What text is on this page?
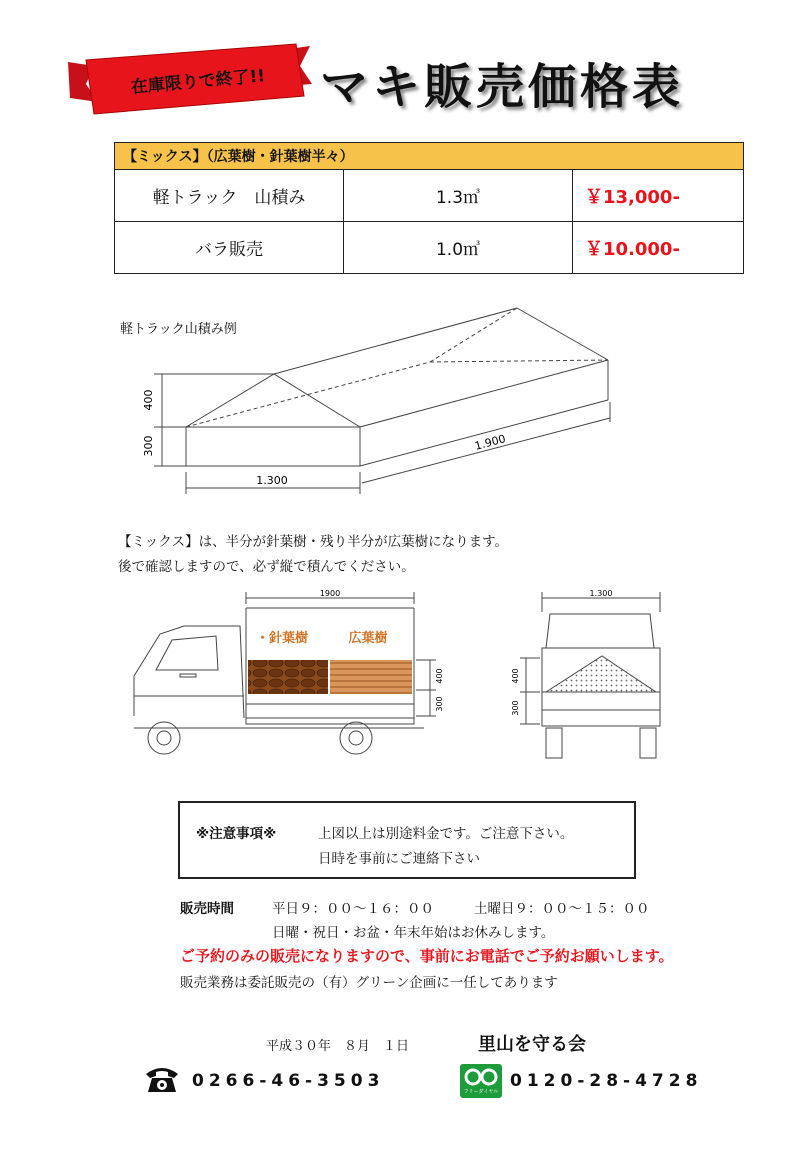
在庫限りで終了!! マキ販売価格表
【ミックス】（広葉樹・針葉樹半々）		
軽トラック　山積み	1.3㎥	￥13,000-
バラ販売	1.0㎥	￥10.000-
軽トラック山積み例
400
300
1.300
1.900
【ミックス】は、半分が針葉樹・残り半分が広葉樹になります。
後で確認しますので、必ず縦で積んでください。
1900
・針葉樹	広葉樹
400
300
1.300
400
300
※注意事項※	上図以上は別途料金です。ご注意下さい。
日時を事前にご連絡下さい
販売時間	平日９：００～１６：００	土曜日９：００～１５：００
日曜・祝日・お盆・年末年始はお休みします。
ご予約のみの販売になりますので、事前にお電話でご予約お願いします。
販売業務は委託販売の（有）グリーン企画に一任してあります
平成３０年　８月　１日	里山を守る会
0266-46-3503
フリーダイヤル
0120-28-4728
